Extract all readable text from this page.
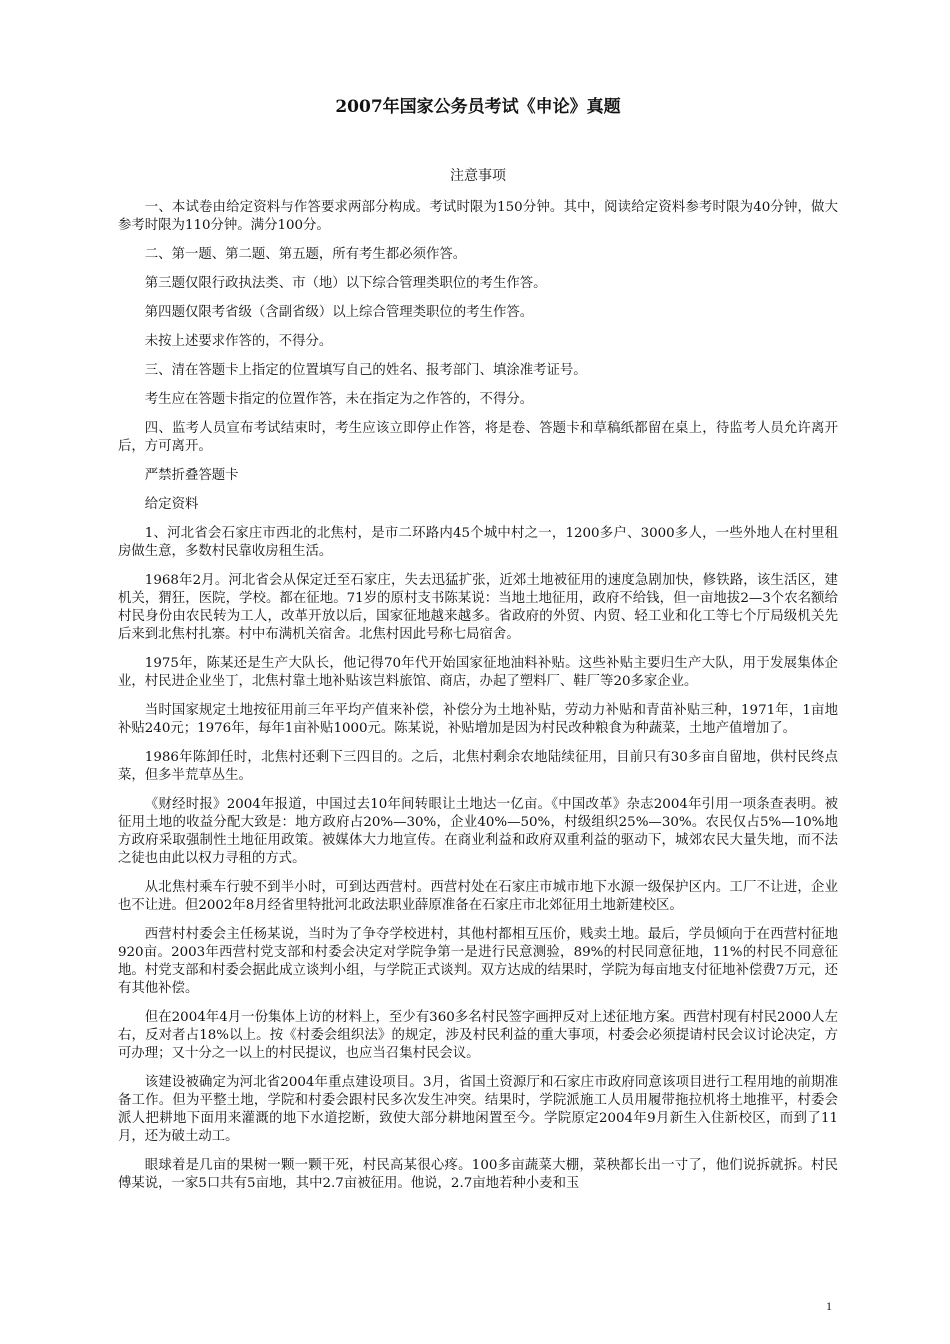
2007年国家公务员考试《申论》真题
注意事项

一、本试卷由给定资料与作答要求两部分构成。考试时限为150分钟。其中，阅读给定资料参考时限为40分钟，做大参考时限为110分钟。满分100分。

二、第一题、第二题、第五题，所有考生都必须作答。

第三题仅限行政执法类、市（地）以下综合管理类职位的考生作答。

第四题仅限考省级（含副省级）以上综合管理类职位的考生作答。

未按上述要求作答的，不得分。

三、清在答题卡上指定的位置填写自己的姓名、报考部门、填涂准考证号。

考生应在答题卡指定的位置作答，未在指定为之作答的，不得分。

四、监考人员宣布考试结束时，考生应该立即停止作答，将是卷、答题卡和草稿纸都留在桌上，待监考人员允许离开后，方可离开。

严禁折叠答题卡

给定资料

1、河北省会石家庄市西北的北焦村，是市二环路内45个城中村之一，1200多户、3000多人，一些外地人在村里租房做生意，多数村民靠收房租生活。

1968年2月。河北省会从保定迁至石家庄，失去迅猛扩张，近郊土地被征用的速度急剧加快，修铁路，该生活区，建机关，猬狂，医院，学校。都在征地。71岁的原村支书陈某说：当地土地征用，政府不给钱，但一亩地拔2—3个农名额给村民身份由农民转为工人，改革开放以后，国家征地越来越多。省政府的外贸、内贸、轻工业和化工等七个厅局级机关先后来到北焦村扎寨。村中布满机关宿舍。北焦村因此号称七局宿舍。

1975年，陈某还是生产大队长，他记得70年代开始国家征地油料补贴。这些补贴主要归生产大队，用于发展集体企业，村民进企业坐丁，北焦村靠土地补贴该岂料旅馆、商店，办起了塑料厂、鞋厂等20多家企业。

当时国家规定土地按征用前三年平均产值来补偿，补偿分为土地补贴，劳动力补贴和青苗补贴三种，1971年，1亩地补贴240元；1976年，每年1亩补贴1000元。陈某说，补贴增加是因为村民改种粮食为种蔬菜，土地产值增加了。

1986年陈卸任时，北焦村还剩下三四目的。之后，北焦村剩余农地陆续征用，目前只有30多亩自留地，供村民终点菜，但多半荒草丛生。

《财经时报》2004年报道，中国过去10年间转眼让土地达一亿亩。《中国改革》杂志2004年引用一项条查表明。被征用土地的收益分配大致是：地方政府占20%—30%，企业40%—50%，村级组织25%—30%。农民仅占5%—10%地方政府采取强制性土地征用政策。被媒体大力地宣传。在商业利益和政府双重利益的驱动下，城郊农民大量失地，而不法之徒也由此以权力寻租的方式。

从北焦村乘车行驶不到半小时，可到达西营村。西营村处在石家庄市城市地下水源一级保护区内。工厂不让进，企业也不让进。但2002年8月经省里特批河北政法职业薛原准备在石家庄市北郊征用土地新建校区。

西营村村委会主任杨某说，当时为了争夺学校进村，其他村都相互压价，贱卖土地。最后，学员倾向于在西营村征地920亩。2003年西营村党支部和村委会决定对学院争第一是进行民意测验，89%的村民同意征地，11%的村民不同意征地。村党支部和村委会据此成立谈判小组，与学院正式谈判。双方达成的结果时，学院为每亩地支付征地补偿费7万元，还有其他补偿。

但在2004年4月一份集体上访的材料上，至少有360多名村民签字画押反对上述征地方案。西营村现有村民2000人左右，反对者占18%以上。按《村委会组织法》的规定，涉及村民利益的重大事项，村委会必须提请村民会议讨论决定，方可办理；又十分之一以上的村民提议，也应当召集村民会议。

该建设被确定为河北省2004年重点建设项目。3月，省国土资源厅和石家庄市政府同意该项目进行工程用地的前期准备工作。但为平整土地，学院和村委会跟村民多次发生冲突。结果时，学院派施工人员用履带拖拉机将土地推平，村委会派人把耕地下面用来灌溉的地下水道挖断，致使大部分耕地闲置至今。学院原定2004年9月新生入住新校区，而到了11月，还为破土动工。

眼球着是几亩的果树一颗一颗干死，村民高某很心疼。100多亩蔬菜大棚，菜秧都长出一寸了，他们说拆就拆。村民傅某说，一家5口共有5亩地，其中2.7亩被征用。他说，2.7亩地若种小麦和玉

1
